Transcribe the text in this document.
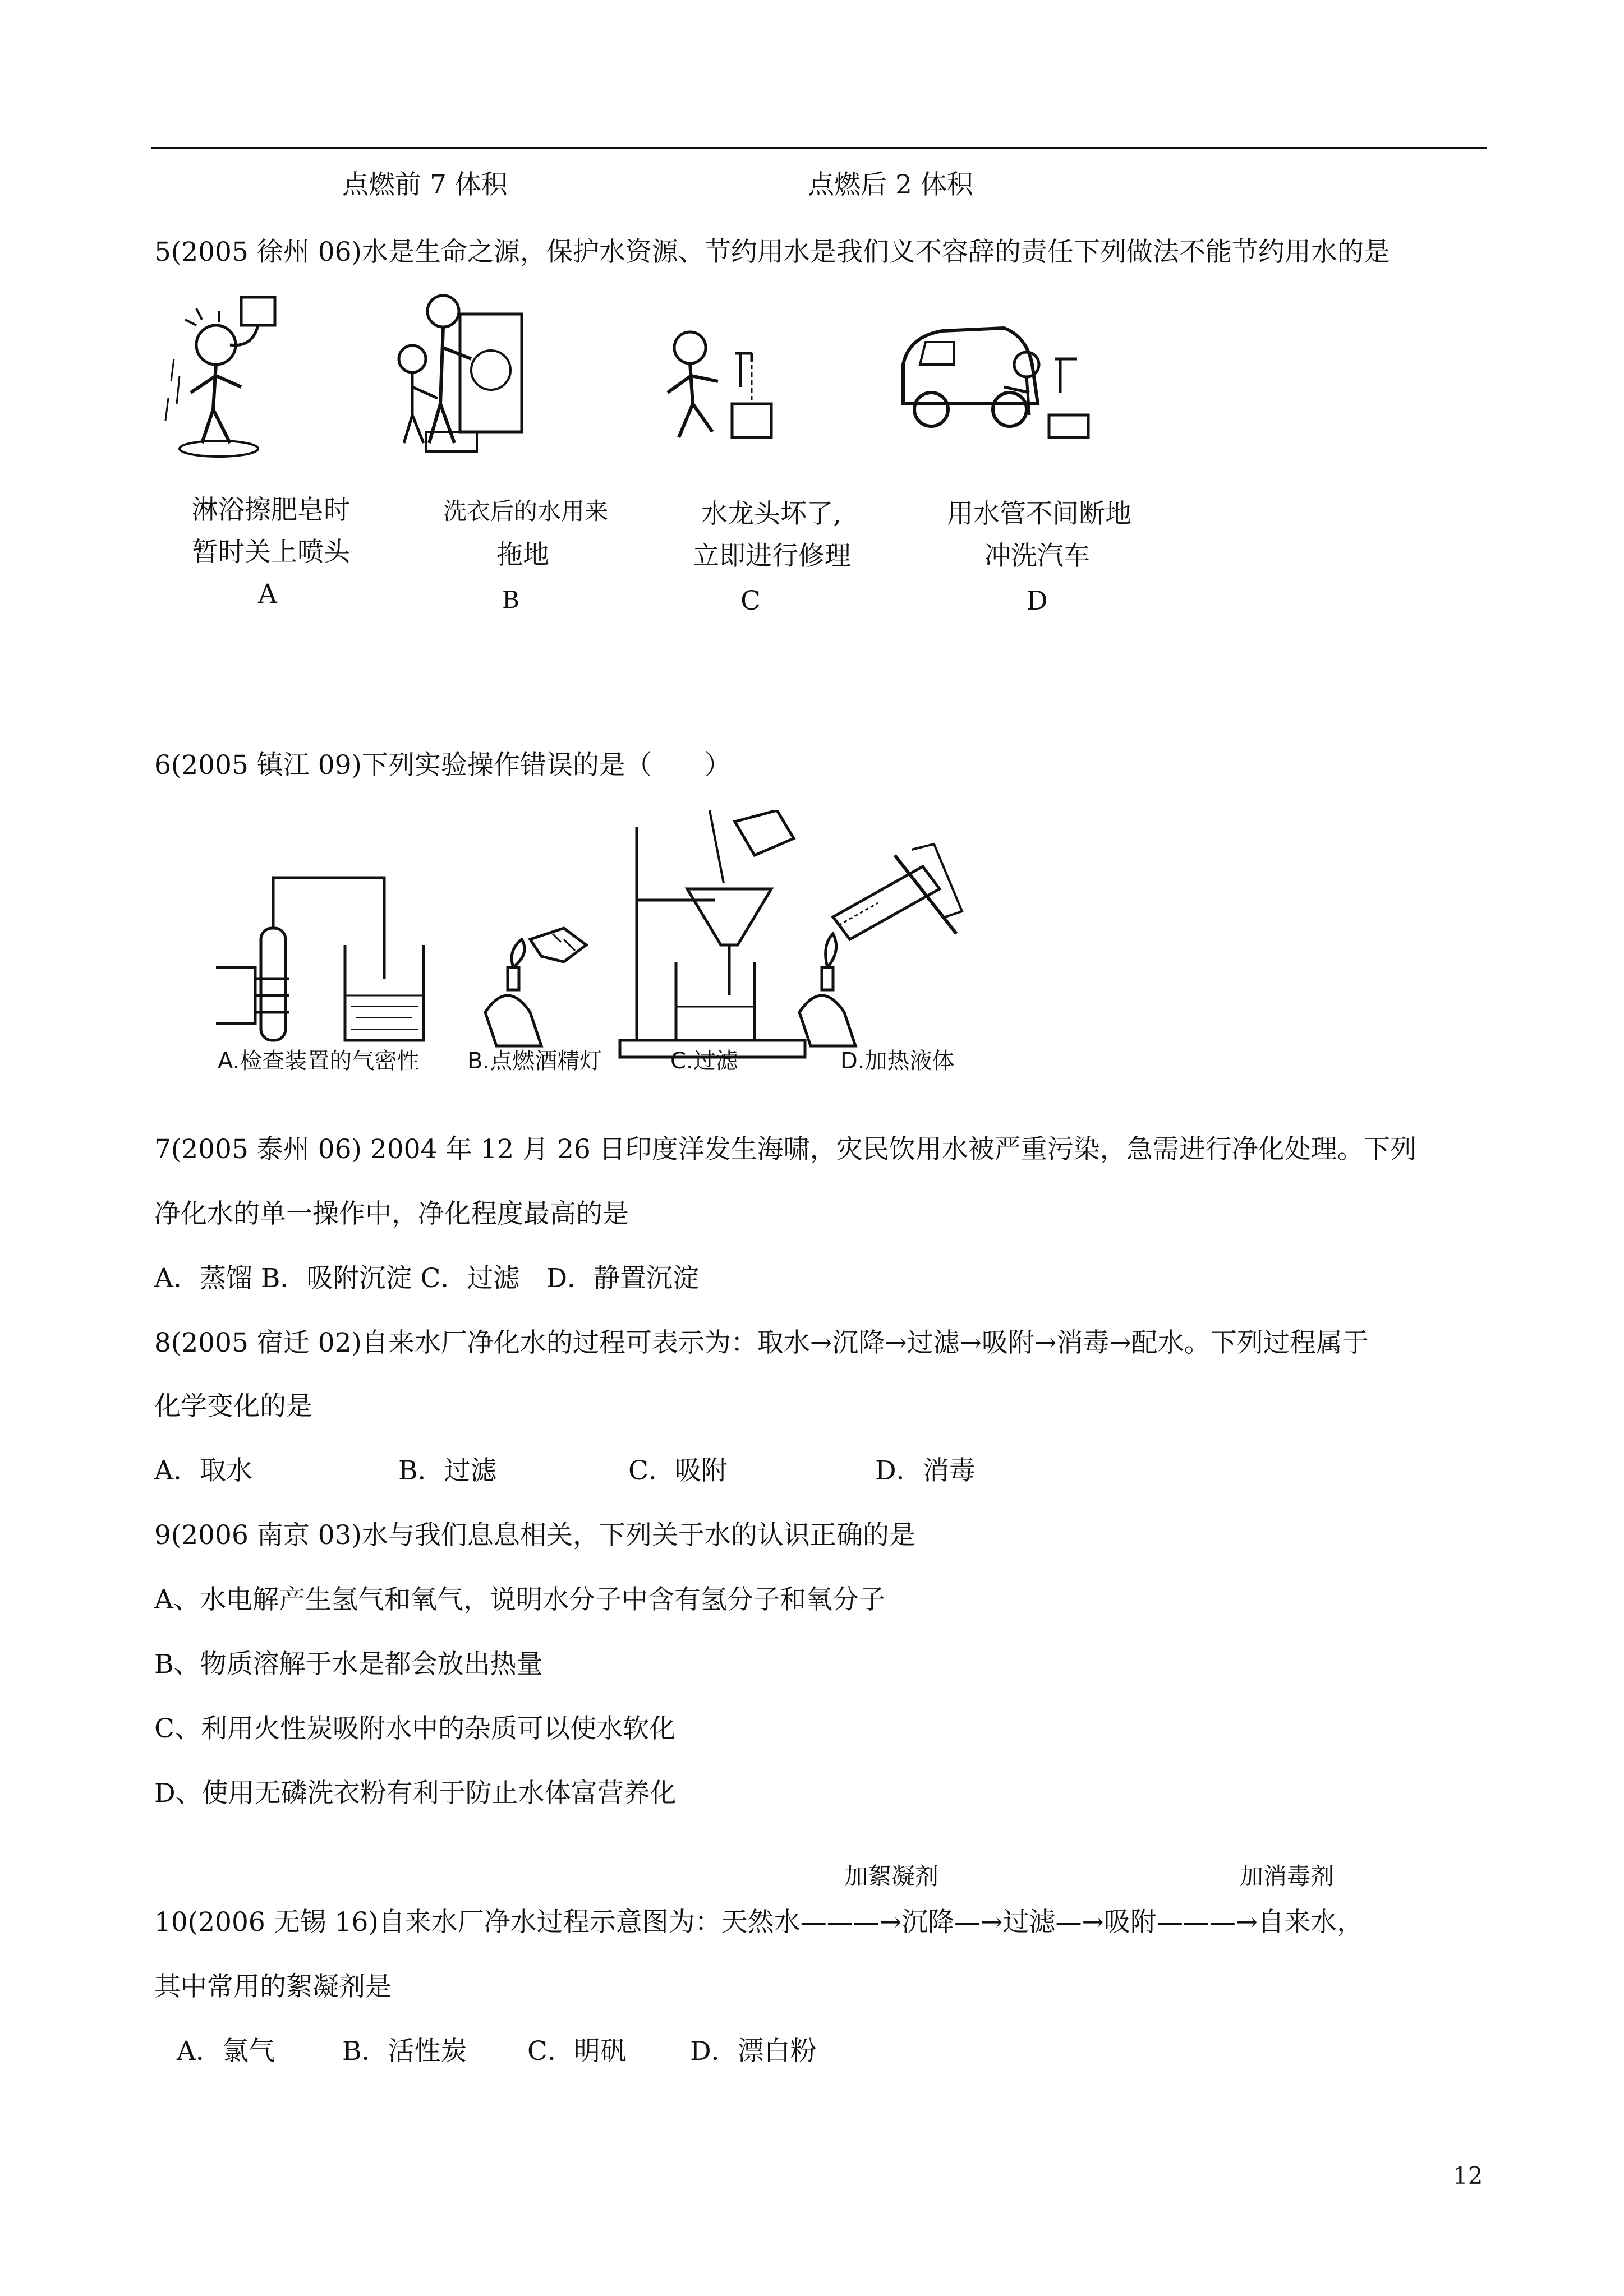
点燃前 7 体积	点燃后 2 体积
5(2005 徐州 06)水是生命之源，保护水资源、节约用水是我们义不容辞的责任下列做法不能节约用水的是
淋浴擦肥皂时
暂时关上喷头
A
洗衣后的水用来
拖地
B
水龙头坏了,
立即进行修理
C
用水管不间断地
冲洗汽车
D
6(2005 镇江 09)下列实验操作错误的是（　　）
A.检查装置的气密性 B.点燃酒精灯	C.过滤	D.加热液体
7(2005 泰州 06) 2004 年 12 月 26 日印度洋发生海啸，灾民饮用水被严重污染，急需进行净化处理。下列
净化水的单一操作中，净化程度最高的是
A．蒸馏 B．吸附沉淀 C．过滤　D．静置沉淀
8(2005 宿迁 02)自来水厂净化水的过程可表示为：取水→沉降→过滤→吸附→消毒→配水。下列过程属于
化学变化的是
A．取水	B．过滤	C．吸附	D．消毒
9(2006 南京 03)水与我们息息相关，下列关于水的认识正确的是
A、水电解产生氢气和氧气，说明水分子中含有氢分子和氧分子
B、物质溶解于水是都会放出热量
C、利用火性炭吸附水中的杂质可以使水软化
D、使用无磷洗衣粉有利于防止水体富营养化
加絮凝剂	加消毒剂
10(2006 无锡 16)自来水厂净水过程示意图为：天然水———→沉降—→过滤—→吸附———→自来水，
其中常用的絮凝剂是
A．氯气	B．活性炭 C．明矾 D．漂白粉
12
